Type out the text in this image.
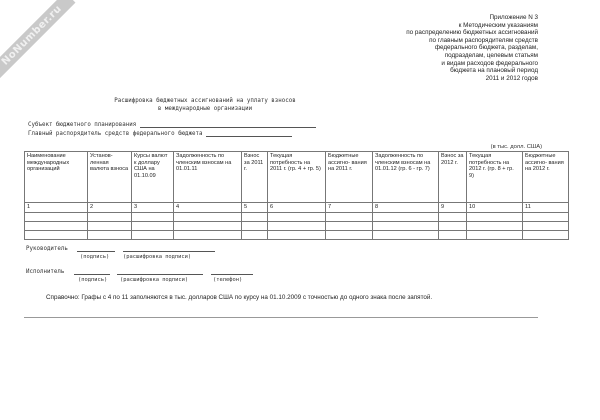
NoNumber.ru	Приложение N 3
к Методическим указаниям
по распределению бюджетных ассигнований
по главным распорядителям средств
федерального бюджета, разделам,
подразделам, целевым статьям
и видам расходов федерального
бюджета на плановый период
2011 и 2012 годов
Расшифровка бюджетных ассигнований на уплату взносов
в международные организации
Субъект бюджетного планирования
Главный распорядитель средств федерального бюджета
(в тыс. долл. США)
Наименование международных организаций	Установ- ленная валюта взноса	Курсы валют к доллару США на 01.10.09	Задолженность по членским взносам на 01.01.11	Взнос за 2011 г.	Текущая потребность на 2011 г. (гр. 4 + гр. 5)	Бюджетные ассигно- вания на 2011 г.	Задолженность по членским взносам на 01.01.12 (гр. 6 - гр. 7)	Взнос за 2012 г.	Текущая потребность на 2012 г. (гр. 8 + гр. 9)	Бюджетные ассигно- вания на 2012 г.
1	2	3	4	5	6	7	8	9	10	11

Руководитель
(подпись)	(расшифровка подписи)
Исполнитель
(подпись) (расшифровка подписи)	(телефон)
Справочно: Графы с 4 по 11 заполняются в тыс. долларов США по курсу на 01.10.2009 с точностью до одного знака после запятой.
